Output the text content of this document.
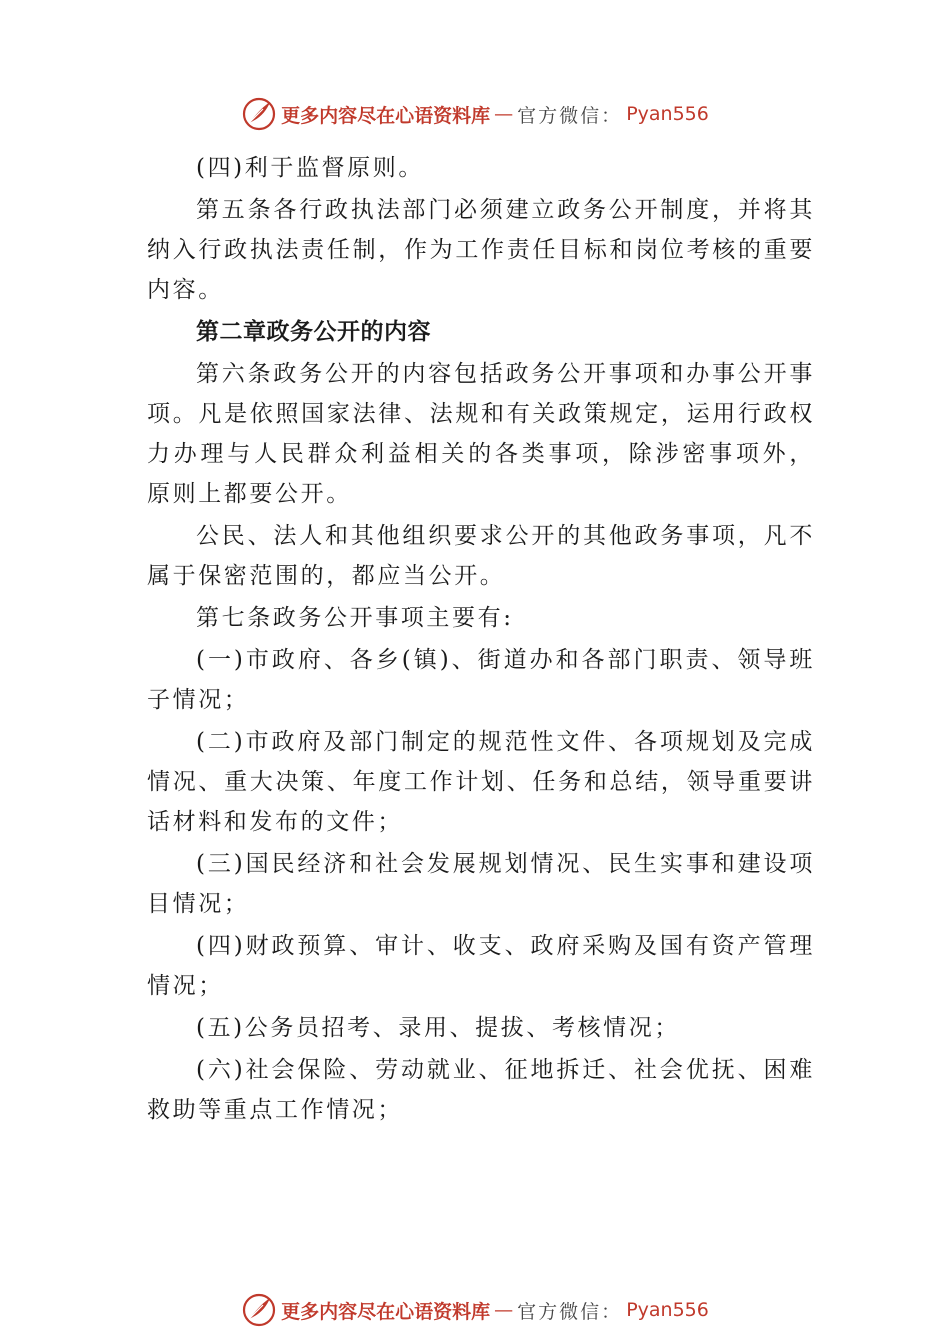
更多内容尽在心语资料库 — 官方微信： Pyan556

(四)利于监督原则。

第五条各行政执法部门必须建立政务公开制度，并将其纳入行政执法责任制，作为工作责任目标和岗位考核的重要内容。

第二章政务公开的内容

第六条政务公开的内容包括政务公开事项和办事公开事项。凡是依照国家法律、法规和有关政策规定，运用行政权力办理与人民群众利益相关的各类事项，除涉密事项外， 原则上都要公开。

公民、法人和其他组织要求公开的其他政务事项，凡不属于保密范围的，都应当公开。

第七条政务公开事项主要有:

(一)市政府、各乡(镇)、街道办和各部门职责、领导班子情况；

(二)市政府及部门制定的规范性文件、各项规划及完成情况、重大决策、年度工作计划、任务和总结，领导重要讲话材料和发布的文件；

(三)国民经济和社会发展规划情况、民生实事和建设项目情况；

(四)财政预算、审计、收支、政府采购及国有资产管理情况；

(五)公务员招考、录用、提拔、考核情况；

(六)社会保险、劳动就业、征地拆迁、社会优抚、困难救助等重点工作情况；

更多内容尽在心语资料库 — 官方微信： Pyan556
